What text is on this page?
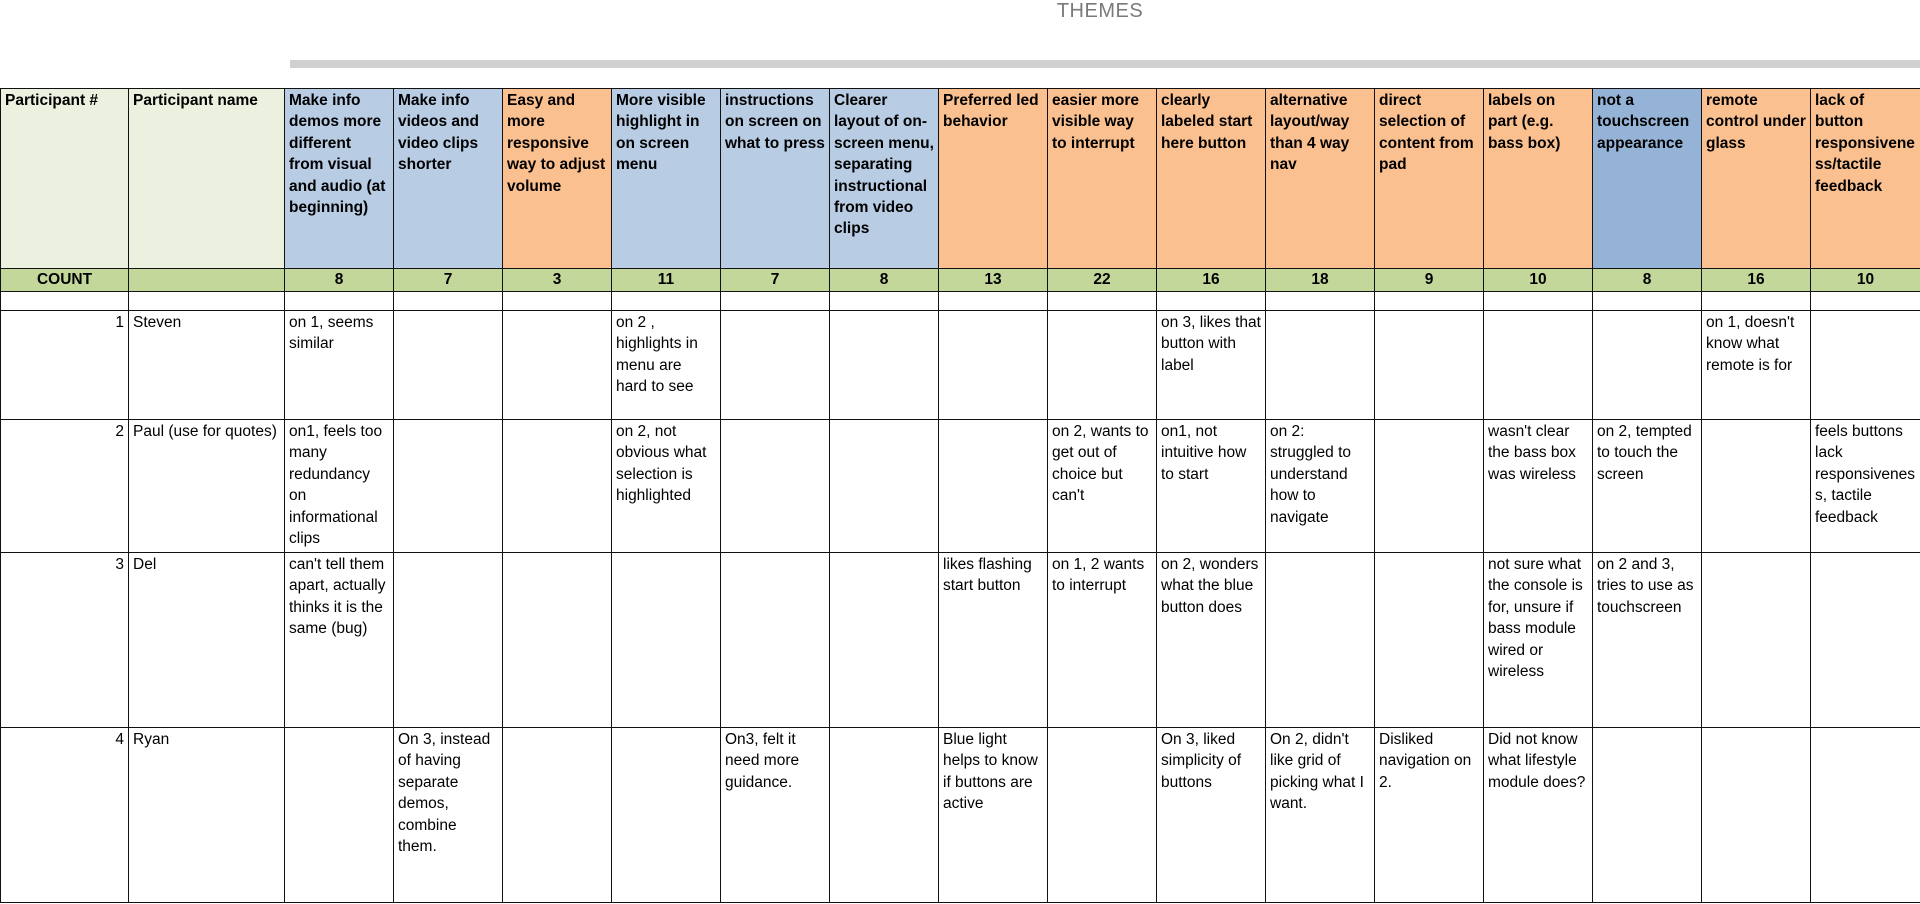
THEMES
Participant #	Participant name	Make info demos more different from visual and audio (at beginning)	Make info videos and video clips shorter	Easy and more responsive way to adjust volume	More visible highlight in on screen menu	instructions on screen on what to press	Clearer layout of on-screen menu, separating instructional from video clips	Preferred led behavior	easier more visible way to interrupt	clearly labeled start here button	alternative layout/way than 4 way nav	direct selection of content from pad	labels on part (e.g. bass box)	not a touchscreen appearance	remote control under glass	lack of button responsiveness/tactile feedback
COUNT		8	7	3	11	7	8	13	22	16	18	9	10	8	16	10

1	Steven	on 1, seems similar			on 2 , highlights in menu are hard to see					on 3, likes that button with label					on 1, doesn't know what remote is for	
2	Paul (use for quotes)	on1, feels too many redundancy on informational clips			on 2, not obvious what selection is highlighted				on 2, wants to get out of choice but can't	on1, not intuitive how to start	on 2: struggled to understand how to navigate		wasn't clear the bass box was wireless	on 2, tempted to touch the screen		feels buttons lack responsiveness, tactile feedback
3	Del	can't tell them apart, actually thinks it is the same (bug)						likes flashing start button	on 1, 2 wants to interrupt	on 2, wonders what the blue button does			not sure what the console is for, unsure if bass module wired or wireless	on 2 and 3, tries to use as touchscreen		
4	Ryan		On 3, instead of having separate demos, combine them.			On3, felt it need more guidance.		Blue light helps to know if buttons are active		On 3, liked simplicity of buttons	On 2, didn't like grid of picking what I want.	Disliked navigation on 2.	Did not know what lifestyle module does?			
